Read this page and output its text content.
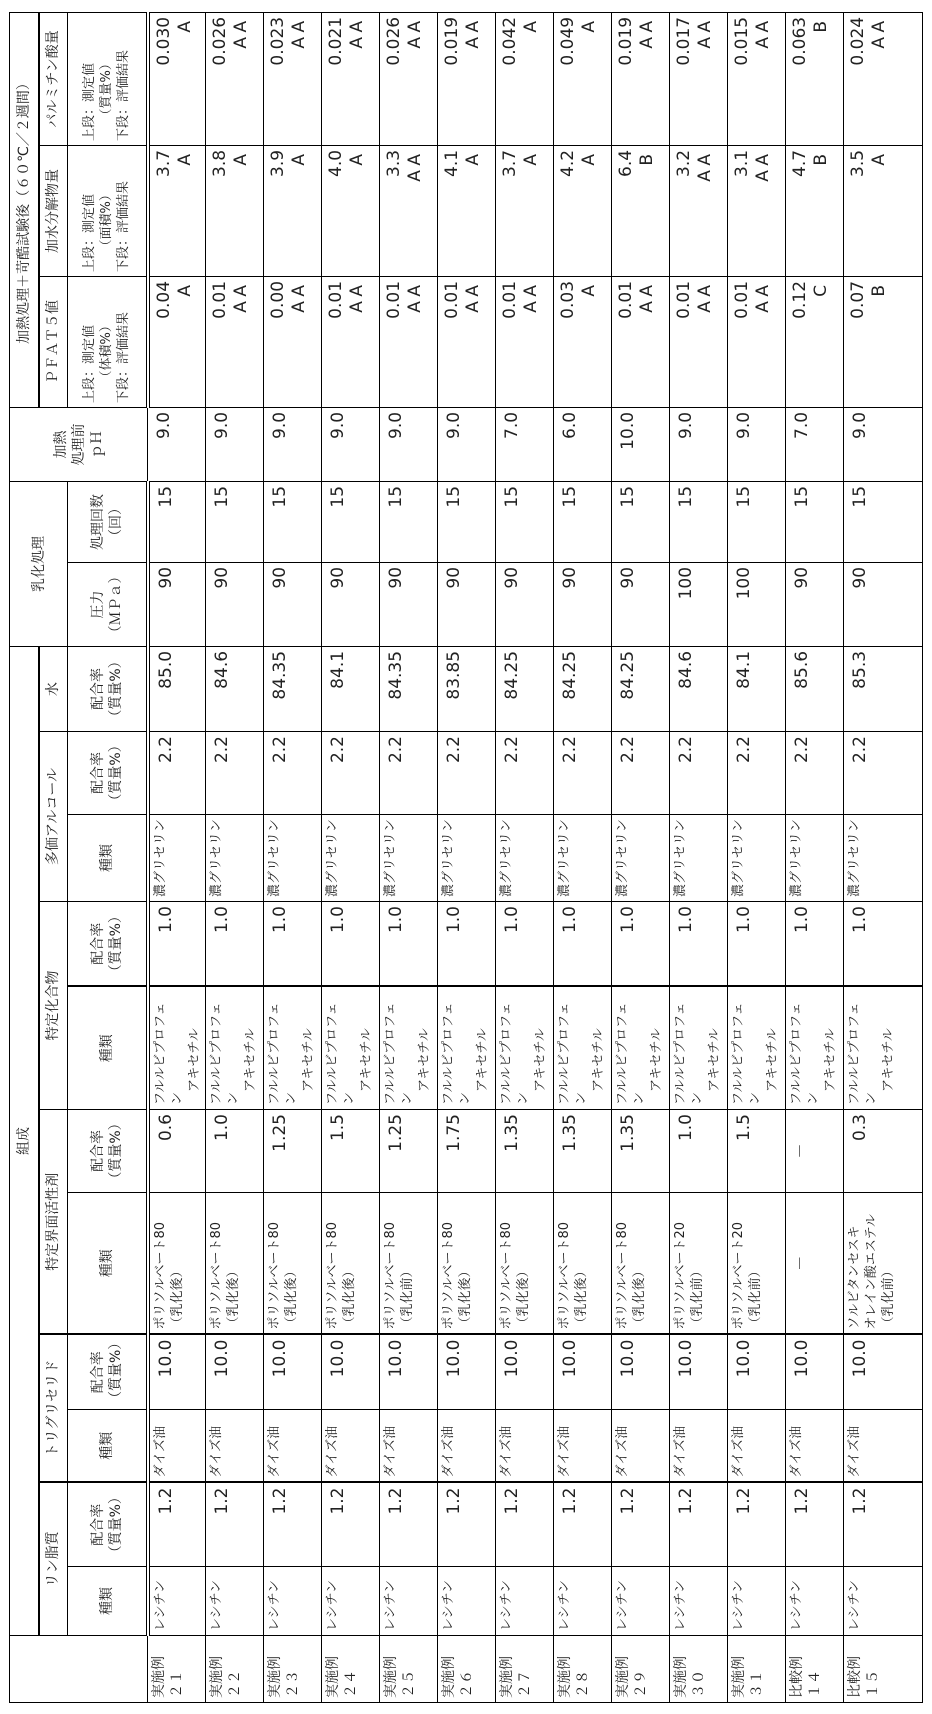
	組成	乳化処理	加熱
処理前
ｐＨ	加熱処理＋苛酷試験後（６０℃／２週間）
リン脂質	トリグリセリド	特定界面活性剤	特定化合物	多価アルコール	水	ＰＦＡＴ５値	加水分解物量	パルミチン酸量
種類	配合率
（質量%）	種類	配合率
（質量%）	種類	配合率
（質量%）	種類	配合率
（質量%）	種類	配合率
（質量%）	配合率
（質量%）	圧力
（ＭＰａ）	処理回数
（回）	上段：測定値
　　（体積%）
下段：評価結果	上段：測定値
　　（面積%）
下段：評価結果	上段：測定値
　　（質量%）
下段：評価結果
実施例
２１	レシチン	1.2	ダイズ油	10.0	ポリソルベート80
（乳化後）	0.6	フルルビプロフェン
　アキセチル	1.0	濃グリセリン	2.2	85.0	90	15	9.0	
0.04 A

3.7 A

0.030 A

実施例
２２	レシチン	1.2	ダイズ油	10.0	ポリソルベート80
（乳化後）	1.0	フルルビプロフェン
　アキセチル	1.0	濃グリセリン	2.2	84.6	90	15	9.0	
0.01 AA

3.8 A

0.026 AA

実施例
２３	レシチン	1.2	ダイズ油	10.0	ポリソルベート80
（乳化後）	1.25	フルルビプロフェン
　アキセチル	1.0	濃グリセリン	2.2	84.35	90	15	9.0	
0.00 AA

3.9 A

0.023 AA

実施例
２４	レシチン	1.2	ダイズ油	10.0	ポリソルベート80
（乳化後）	1.5	フルルビプロフェン
　アキセチル	1.0	濃グリセリン	2.2	84.1	90	15	9.0	
0.01 AA

4.0 A

0.021 AA

実施例
２５	レシチン	1.2	ダイズ油	10.0	ポリソルベート80
（乳化前）	1.25	フルルビプロフェン
　アキセチル	1.0	濃グリセリン	2.2	84.35	90	15	9.0	
0.01 AA

3.3 AA

0.026 AA

実施例
２６	レシチン	1.2	ダイズ油	10.0	ポリソルベート80
（乳化後）	1.75	フルルビプロフェン
　アキセチル	1.0	濃グリセリン	2.2	83.85	90	15	9.0	
0.01 AA

4.1 A

0.019 AA

実施例
２７	レシチン	1.2	ダイズ油	10.0	ポリソルベート80
（乳化後）	1.35	フルルビプロフェン
　アキセチル	1.0	濃グリセリン	2.2	84.25	90	15	7.0	
0.01 AA

3.7 A

0.042 A

実施例
２８	レシチン	1.2	ダイズ油	10.0	ポリソルベート80
（乳化後）	1.35	フルルビプロフェン
　アキセチル	1.0	濃グリセリン	2.2	84.25	90	15	6.0	
0.03 A

4.2 A

0.049 A

実施例
２９	レシチン	1.2	ダイズ油	10.0	ポリソルベート80
（乳化後）	1.35	フルルビプロフェン
　アキセチル	1.0	濃グリセリン	2.2	84.25	90	15	10.0	
0.01 AA

6.4 B

0.019 AA

実施例
３０	レシチン	1.2	ダイズ油	10.0	ポリソルベート20
（乳化前）	1.0	フルルビプロフェン
　アキセチル	1.0	濃グリセリン	2.2	84.6	100	15	9.0	
0.01 AA

3.2 AA

0.017 AA

実施例
３１	レシチン	1.2	ダイズ油	10.0	ポリソルベート20
（乳化前）	1.5	フルルビプロフェン
　アキセチル	1.0	濃グリセリン	2.2	84.1	100	15	9.0	
0.01 AA

3.1 AA

0.015 AA

比較例
１４	レシチン	1.2	ダイズ油	10.0	－	－	フルルビプロフェン
　アキセチル	1.0	濃グリセリン	2.2	85.6	90	15	7.0	
0.12 C

4.7 B

0.063 B

比較例
１５	レシチン	1.2	ダイズ油	10.0	ソルビタンセスキ
オレイン酸エステル
（乳化前）	0.3	フルルビプロフェン
　アキセチル	1.0	濃グリセリン	2.2	85.3	90	15	9.0	
0.07 B

3.5 A

0.024 AA
